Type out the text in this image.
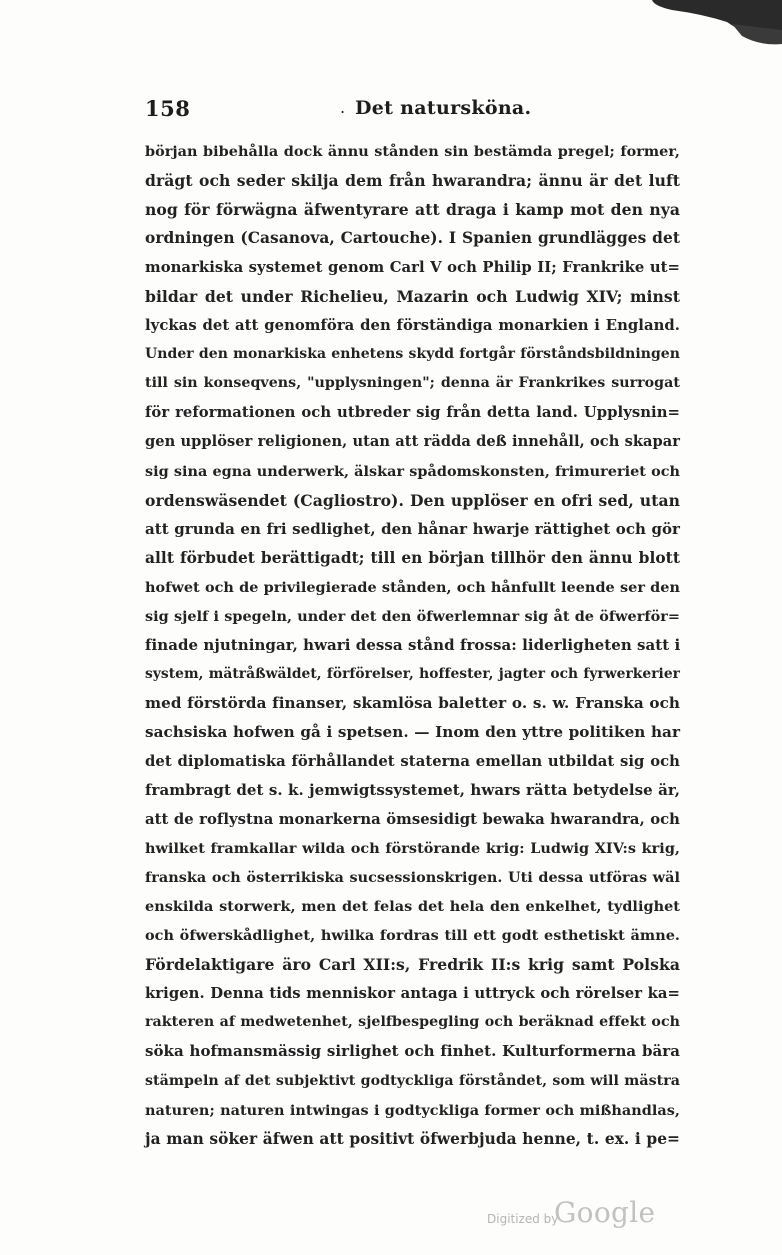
158	. Det naturskönа.
början bibehålla dock ännu stånden sin bestämda pregel; former,
drägt och seder skilja dem från hwarandra; ännu är det luft
nog för förwägna äfwentyrare att draga i kamp mot den nya
ordningen (Casanova, Cartouche). I Spanien grundlägges det
monarkiska systemet genom Carl V och Philip II; Frankrike ut=
bildar det under Richelieu, Mazarin och Ludwig XIV; minst
lyckas det att genomföra den förständiga monarkien i England.
Under den monarkiska enhetens skydd fortgår förståndsbildningen
till sin konseqvens, "upplysningen"; denna är Frankrikes surrogat
för reformationen och utbreder sig från detta land. Upplysnin=
gen upplöser religionen, utan att rädda deß innehåll, och skapar
sig sina egna underwerk, älskar spådomskonsten, frimureriet och
ordenswäsendet (Cagliostro). Den upplöser en ofri sed, utan
att grunda en fri sedlighet, den hånar hwarje rättighet och gör
allt förbudet berättigadt; till en början tillhör den ännu blott
hofwet och de privilegierade stånden, och hånfullt leende ser den
sig sjelf i spegeln, under det den öfwerlemnar sig åt de öfwerför=
finade njutningar, hwari dessa stånd frossa: liderligheten satt i
system, mätråßwäldet, förförelser, hoffester, jagter och fyrwerkerier
med förstörda finanser, skamlösa baletter o. s. w. Franska och
sachsiska hofwen gå i spetsen. — Inom den yttre politiken har
det diplomatiska förhållandet staterna emellan utbildat sig och
frambragt det s. k. jemwigtssystemet, hwars rätta betydelse är,
att de roflystna monarkerna ömsesidigt bewaka hwarandra, och
hwilket framkallar wilda och förstörande krig: Ludwig XIV:s krig,
franska och österrikiska sucsessionskrigen. Uti dessa utföras wäl
enskilda storwerk, men det felas det hela den enkelhet, tydlighet
och öfwerskådlighet, hwilka fordras till ett godt esthetiskt ämne.
Fördelaktigare äro Carl XII:s, Fredrik II:s krig samt Polska
krigen. Denna tids menniskor antaga i uttryck och rörelser ka=
rakteren af medwetenhet, sjelfbespegling och beräknad effekt och
söka hofmansmässig sirlighet och finhet. Kulturformerna bära
stämpeln af det subjektivt godtyckliga förståndet, som will mästra
naturen; naturen intwingas i godtyckliga former och mißhandlas,
ja man söker äfwen att positivt öfwerbjuda henne, t. ex. i pe=
Digitized by
Google
